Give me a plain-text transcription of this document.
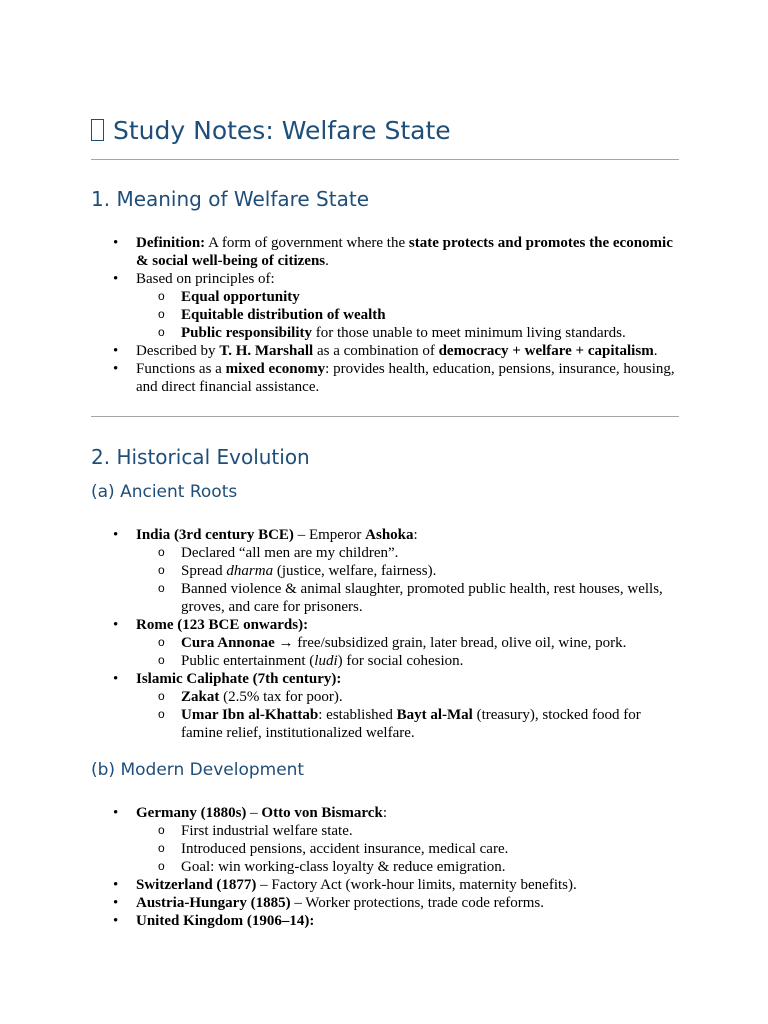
Study Notes: Welfare State
1. Meaning of Welfare State
• Definition: A form of government where the state protects and promotes the economic & social well-being of citizens.
• Based on principles of:
o Equal opportunity
o Equitable distribution of wealth
o Public responsibility for those unable to meet minimum living standards.
• Described by T. H. Marshall as a combination of democracy + welfare + capitalism.
• Functions as a mixed economy: provides health, education, pensions, insurance, housing, and direct financial assistance.
2. Historical Evolution
(a) Ancient Roots
• India (3rd century BCE) – Emperor Ashoka:
o Declared “all men are my children”.
o Spread dharma (justice, welfare, fairness).
o Banned violence & animal slaughter, promoted public health, rest houses, wells, groves, and care for prisoners.
• Rome (123 BCE onwards):
o Cura Annonae → free/subsidized grain, later bread, olive oil, wine, pork.
o Public entertainment (ludi) for social cohesion.
• Islamic Caliphate (7th century):
o Zakat (2.5% tax for poor).
o Umar Ibn al-Khattab: established Bayt al-Mal (treasury), stocked food for famine relief, institutionalized welfare.
(b) Modern Development
• Germany (1880s) – Otto von Bismarck:
o First industrial welfare state.
o Introduced pensions, accident insurance, medical care.
o Goal: win working-class loyalty & reduce emigration.
• Switzerland (1877) – Factory Act (work-hour limits, maternity benefits).
• Austria-Hungary (1885) – Worker protections, trade code reforms.
• United Kingdom (1906–14):
